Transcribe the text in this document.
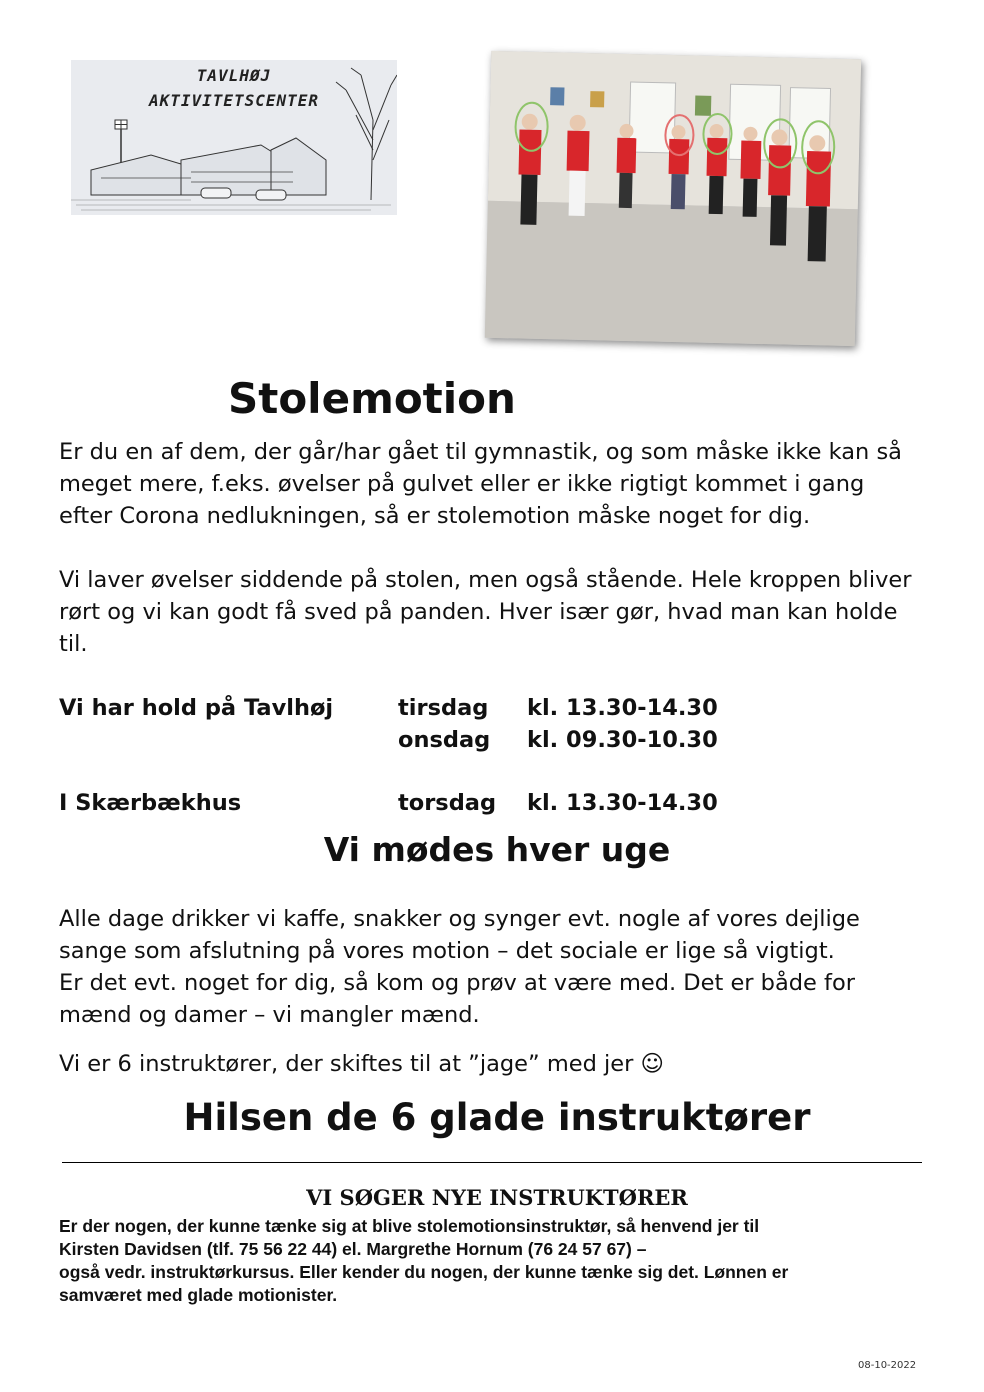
TAVLHØJ
AKTIVITETSCENTER
Stolemotion
Er du en af dem, der går/har gået til gymnastik, og som måske ikke kan så
meget mere, f.eks. øvelser på gulvet eller er ikke rigtigt kommet i gang
efter Corona nedlukningen, så er stolemotion måske noget for dig.
Vi laver øvelser siddende på stolen, men også stående. Hele kroppen bliver
rørt og vi kan godt få sved på panden. Hver især gør, hvad man kan holde
til.
Vi har hold på Tavlhøj	tirsdag kl. 13.30-14.30
onsdag kl. 09.30-10.30
I Skærbækhus	torsdag kl. 13.30-14.30
Vi mødes hver uge
Alle dage drikker vi kaffe, snakker og synger evt. nogle af vores dejlige
sange som afslutning på vores motion – det sociale er lige så vigtigt.
Er det evt. noget for dig, så kom og prøv at være med. Det er både for
mænd og damer – vi mangler mænd.
Vi er 6 instruktører, der skiftes til at ”jage” med jer ☺
Hilsen de 6 glade instruktører
VI SØGER NYE INSTRUKTØRER
Er der nogen, der kunne tænke sig at blive stolemotionsinstruktør, så henvend jer til
Kirsten Davidsen (tlf. 75 56 22 44) el. Margrethe Hornum (76 24 57 67) –
også vedr. instruktørkursus. Eller kender du nogen, der kunne tænke sig det. Lønnen er
samværet med glade motionister.
08-10-2022
